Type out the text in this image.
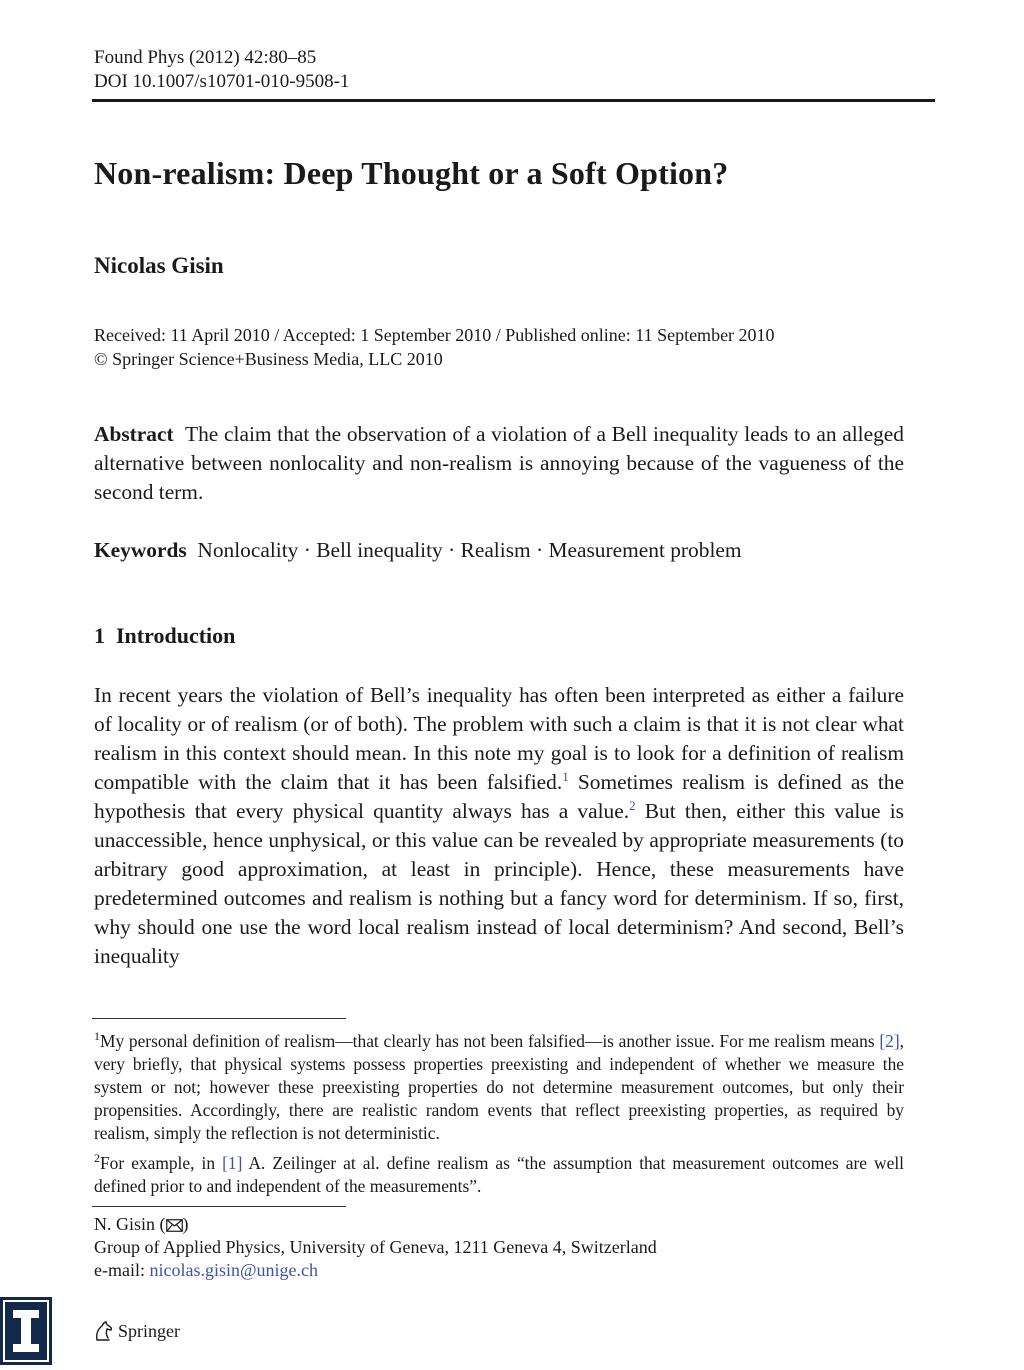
Found Phys (2012) 42:80–85
DOI 10.1007/s10701-010-9508-1
Non-realism: Deep Thought or a Soft Option?
Nicolas Gisin
Received: 11 April 2010 / Accepted: 1 September 2010 / Published online: 11 September 2010
© Springer Science+Business Media, LLC 2010
Abstract The claim that the observation of a violation of a Bell inequality leads to an alleged alternative between nonlocality and non-realism is annoying because of the vagueness of the second term.
Keywords Nonlocality · Bell inequality · Realism · Measurement problem
1 Introduction
In recent years the violation of Bell’s inequality has often been interpreted as either a failure of locality or of realism (or of both). The problem with such a claim is that it is not clear what realism in this context should mean. In this note my goal is to look for a definition of realism compatible with the claim that it has been falsified.$^1$ Sometimes realism is defined as the hypothesis that every physical quantity always has a value.$^2$ But then, either this value is unaccessible, hence unphysical, or this value can be revealed by appropriate measurements (to arbitrary good approximation, at least in principle). Hence, these measurements have predetermined outcomes and realism is nothing but a fancy word for determinism. If so, first, why should one use the word local realism instead of local determinism? And second, Bell’s inequality
$^1$My personal definition of realism—that clearly has not been falsified—is another issue. For me realism means [2], very briefly, that physical systems possess properties preexisting and independent of whether we measure the system or not; however these preexisting properties do not determine measurement outcomes, but only their propensities. Accordingly, there are realistic random events that reflect preexisting properties, as required by realism, simply the reflection is not deterministic.
$^2$For example, in [1] A. Zeilinger at al. define realism as “the assumption that measurement outcomes are well defined prior to and independent of the measurements”.
N. Gisin ( )
Group of Applied Physics, University of Geneva, 1211 Geneva 4, Switzerland
e-mail: nicolas.gisin@unige.ch
Springer
